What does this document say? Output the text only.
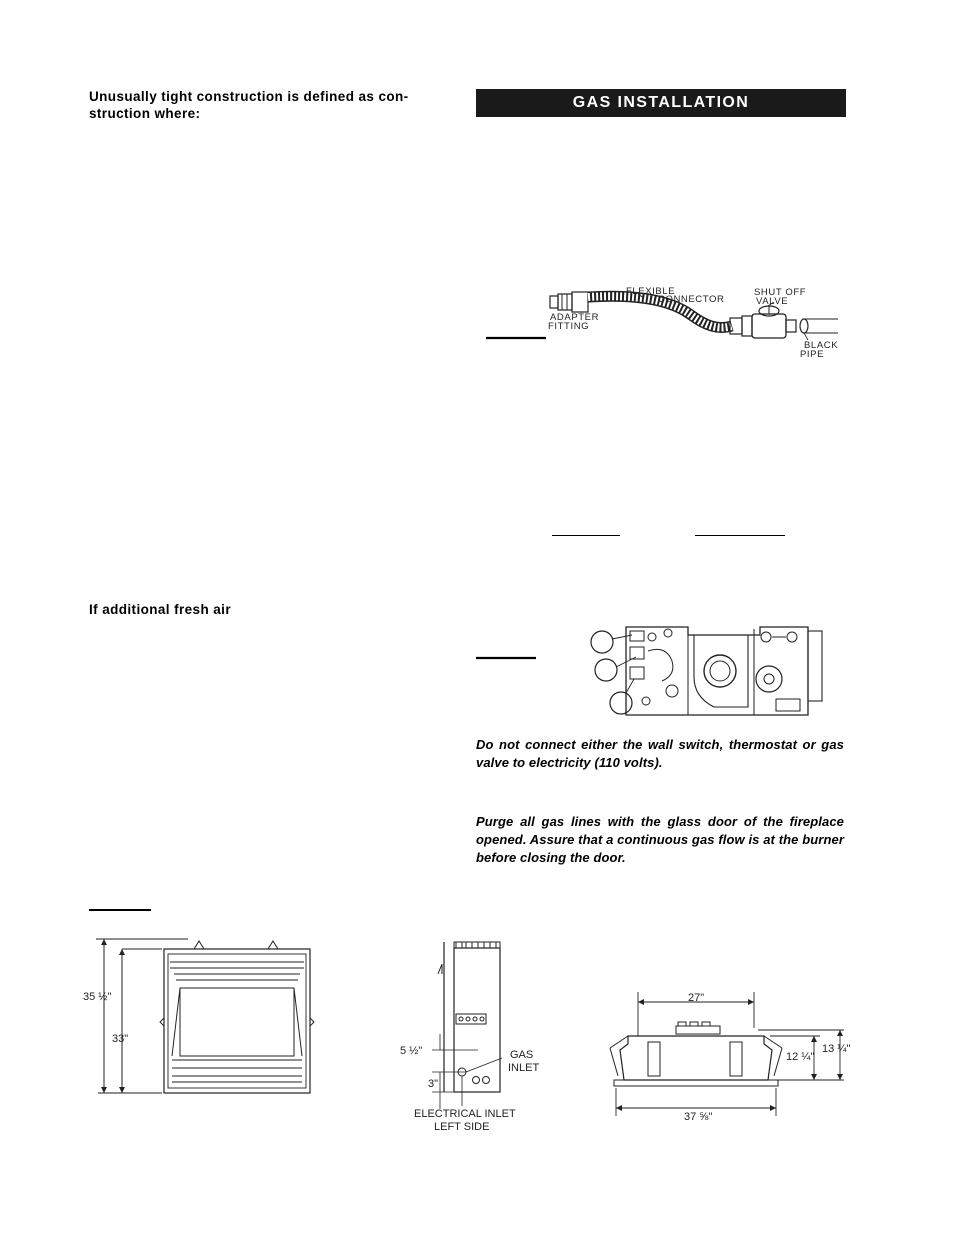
Unusually tight construction is defined as con-struction where:
If additional fresh air
GAS INSTALLATION
FLEXIBLE
CONNECTOR
SHUT OFF
VALVE
ADAPTER
FITTING
BLACK
PIPE
Do not connect either the wall switch, thermostat or gas valve to electricity (110 volts).
Purge all gas lines with the glass door of the fireplace opened. Assure that a continuous gas flow is at the burner before closing the door.
35 ½"
33"
5 ½"
3"
GAS
INLET
ELECTRICAL INLET
LEFT SIDE
27"
37 ⅝"
12 ¼"
13 ¼"
